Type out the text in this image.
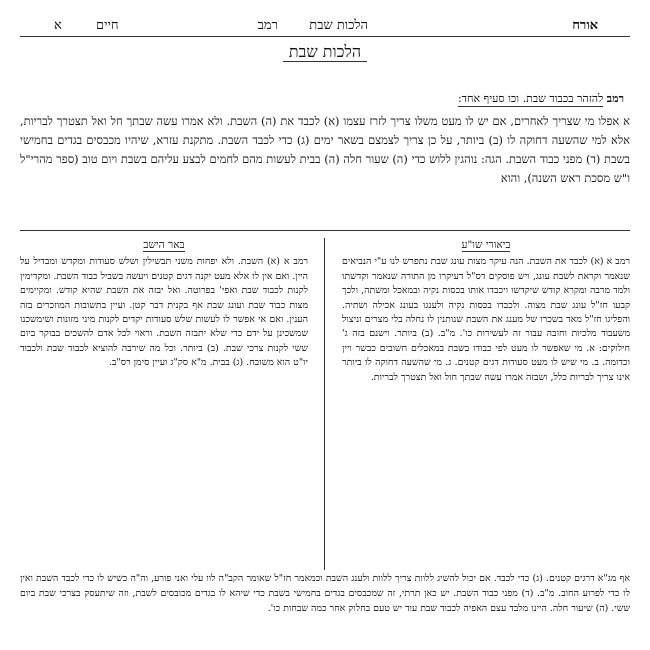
אורח
הלכות שבת
רמב
חיים
א
הלכות שבת
רמב להזהר בכבוד שבת. וכו סעיף אחד:

א אפלו מי שצריך לאחרים, אם יש לו מעט משלו צריך לזרז עצמו (א) לכבד את (ה) השבת. ולא אמרו עשה שבתך חל ואל תצטרך לבריות, אלא למי שהשעה דחוקה לו (ב) ביותר, על כן צריך לצמצם בשאר ימים (ג) כדי לכבד השבת. מתקנת עזרא, שיהיו מכבסים בגדים בחמישי בשבת (ד) מפני כבוד השבת. הגה: נוהגין ללוש כדי (ה) שעור חלה (ה) בבית לעשות מהם לחמים לבצע עליהם בשבת ויום טוב (ספר מהרי"ל ו"ש מסכת ראש השנה), והוא

ביאורי שו"ע

רמב א (א) לכבד את השבת. הנה עיקר מצות עונג שבת נתפרש לנו ע"י הנביאים שנאמר וקראת לשבת עונג, ויש פוסקים דס"ל דעיקרו מן התורה שנאמר וקדשתו ולמד מרבה ומקרא קודש שיקדשו ויכבדו אותו בכסות נקיה ובמאכל ומשתה, ולכך קבעו חז"ל עונג שבת מצוה. ולכבדו בכסות נקיה ולענגו בעונג אכילה ושתיה. והפליגו חז"ל מאד בשכרו של מענג את השבת שנותנין לו נחלה בלי מצרים וניצול משעבוד מלכיות וחובה עבור זה לעשירות כו'. מ"ב. (ב) ביותר. וישנם בזה ג' חילוקים: א. מי שאפשר לו מעט לפי כבודו בשבת במאכלים חשובים כבשר ויין וכדומה. ב. מי שיש לו מעט סעודות דגים קטנים. ג. מי שהשעה דחוקה לו ביותר אינו צריך לבריות כלל, ושבזה אמרו עשה שבתך חול ואל תצטרך לבריות.

באר הישב

רמב א (א) השבת. ולא יפחות משני תבשילין ושלש סעודות ומקדש ומבדיל על היין. ואם אין לו אלא מעט יקנה דגים קטנים ויעשה בשביל כבוד השבת. ומקדימין לקנות לכבוד שבת ואפי' בפרוטה. ואל יבזה את השבת שהיא קודש. ומקיימים מצות כבוד שבת ועונג שבת אף בקנית דבר קטן. ועיין בתשובות המוזכרים בזה הענין. ואם אי אפשר לו לעשות שלש סעודות יקדים לקנות מיני מזונות ושימשכנו שמשכינן על ידם כדי שלא יתבזה השבת. וראוי לכל אדם להשכים בבוקר ביום ששי לקנות צרכי שבת. (ב) ביותר. וכל מה שירבה להוציא לכבוד שבת ולכבוד יו"ט הוא משובח. (ג) בבית. מ"א סק"ג ועיין סימן רס"ב.

אף מג"א דרגים קטנים. (ג) כדי לכבד. אם יכול להשיג ללוות צריך ללוות ולענג השבת וכמאמר חז"ל שאומר הקב"ה לוו עלי ואני פורע, וה"ה כשיש לו כדי לכבד השבת ואין לו כדי לפרוע החוב. מ"ב. (ד) מפני כבוד השבת. יש כאן תרתי, זה שמכבסים בגדים בחמישי בשבת כדי שיהא לו בגדים מכובסים לשבת, וזה שיתעסק בצרכי שבת ביום ששי. (ה) שיעור חלה. היינו מלבד עצם האפיה לכבוד שבת עוד יש טעם בחלוק אחר כמה שבחות כו'.
